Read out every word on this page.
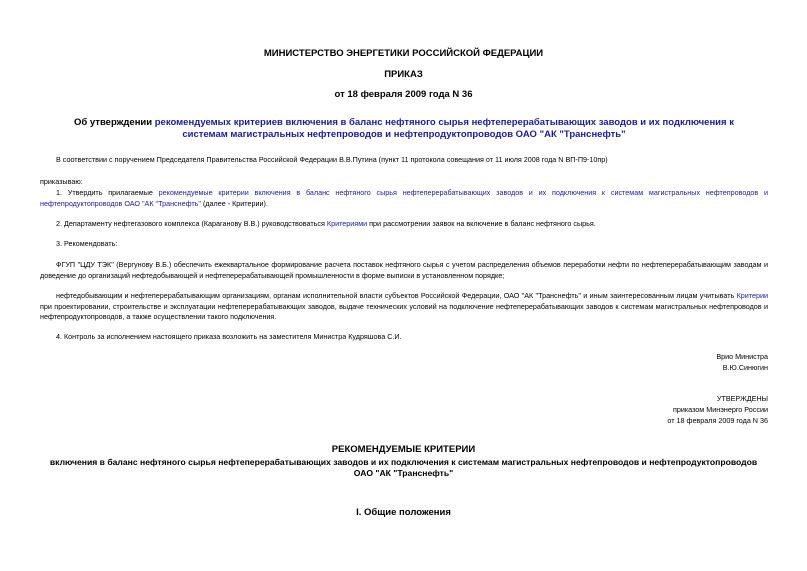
МИНИСТЕРСТВО ЭНЕРГЕТИКИ РОССИЙСКОЙ ФЕДЕРАЦИИ
ПРИКАЗ
от 18 февраля 2009 года N 36
Об утверждении рекомендуемых критериев включения в баланс нефтяного сырья нефтеперерабатывающих заводов и их подключения к системам магистральных нефтепроводов и нефтепродуктопроводов ОАО "АК "Транснефть"
В соответствии с поручением Председателя Правительства Российской Федерации В.В.Путина (пункт 11 протокола совещания от 11 июля 2008 года N ВП-П9-10пр)
приказываю:
1. Утвердить прилагаемые рекомендуемые критерии включения в баланс нефтяного сырья нефтеперерабатывающих заводов и их подключения к системам магистральных нефтепроводов и нефтепродуктопроводов ОАО "АК "Транснефть" (далее - Критерии).
2. Департаменту нефтегазового комплекса (Караганову В.В.) руководствоваться Критериями при рассмотрении заявок на включение в баланс нефтяного сырья.
3. Рекомендовать:
ФГУП "ЦДУ ТЭК" (Вергунову В.Б.) обеспечить ежеквартальное формирование расчета поставок нефтяного сырья с учетом распределения объемов переработки нефти по нефтеперерабатывающим заводам и доведение до организаций нефтедобывающей и нефтеперерабатывающей промышленности в форме выписки в установленном порядке;
нефтедобывающим и нефтеперерабатывающим организациям, органам исполнительной власти субъектов Российской Федерации, ОАО "АК "Транснефть" и иным заинтересованным лицам учитывать Критерии при проектировании, строительстве и эксплуатации нефтеперерабатывающих заводов, выдаче технических условий на подключение нефтеперерабатывающих заводов к системам магистральных нефтепроводов и нефтепродуктопроводов, а также осуществлении такого подключения.
4. Контроль за исполнением настоящего приказа возложить на заместителя Министра Кудряшова С.И.
Врио Министра
В.Ю.Синюгин
УТВЕРЖДЕНЫ
приказом Минэнерго России
от 18 февраля 2009 года N 36
РЕКОМЕНДУЕМЫЕ КРИТЕРИИ
включения в баланс нефтяного сырья нефтеперерабатывающих заводов и их подключения к системам магистральных нефтепроводов и нефтепродуктопроводов
ОАО "АК "Транснефть"
I. Общие положения
